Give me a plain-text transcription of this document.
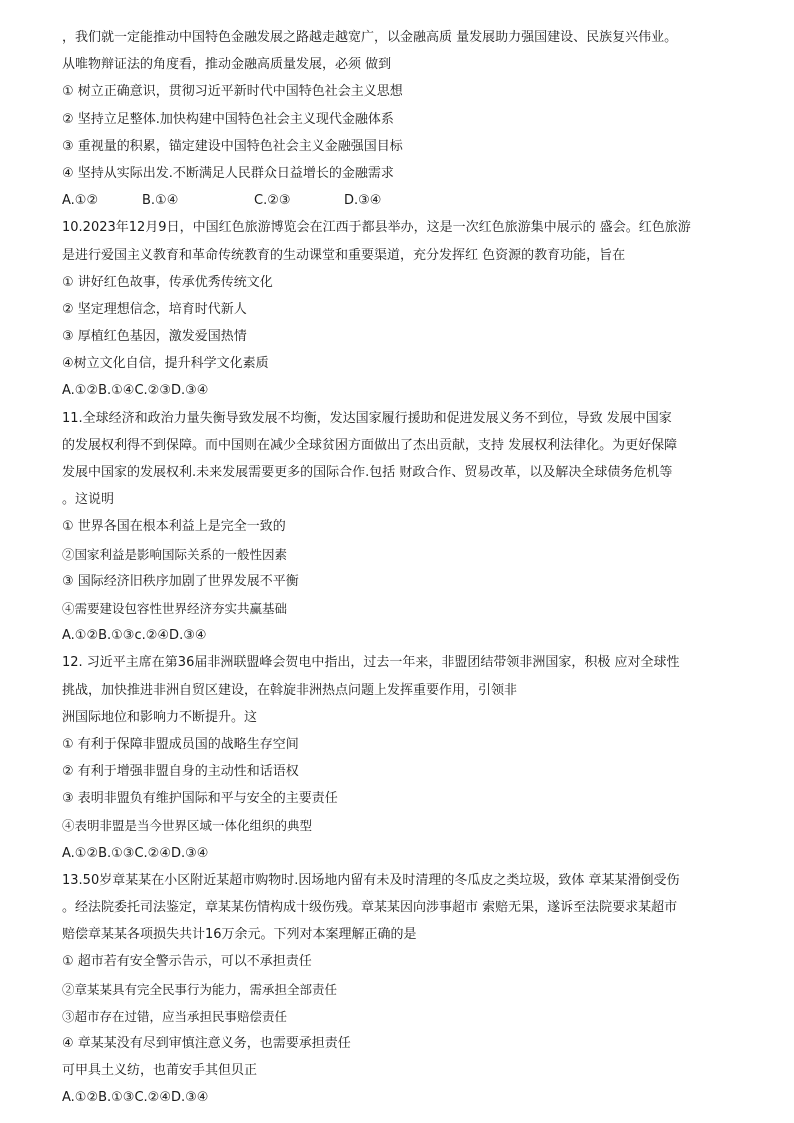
，我们就一定能推动中国特色金融发展之路越走越宽广，以金融高质 量发展助力强国建设、民族复兴伟业。
从唯物辩证法的角度看，推动金融高质量发展，必须 做到
① 树立正确意识，贯彻习近平新时代中国特色社会主义思想
② 坚持立足整体.加快构建中国特色社会主义现代金融体系
③ 重视量的积累，锚定建设中国特色社会主义金融强国目标
④ 坚持从实际出发.不断满足人民群众日益增长的金融需求
A.①②	B.①④	C.②③	D.③④
10.2023年12月9日，中国红色旅游博览会在江西于都县举办，这是一次红色旅游集中展示的 盛会。红色旅游
是进行爱国主义教育和革命传统教育的生动课堂和重要渠道，充分发挥红 色资源的教育功能，旨在
① 讲好红色故事，传承优秀传统文化
② 坚定理想信念，培育时代新人
③ 厚植红色基因，激发爱国热情
④树立文化自信，提升科学文化素质
A.①②B.①④C.②③D.③④
11.全球经济和政治力量失衡导致发展不均衡，发达国家履行援助和促进发展义务不到位，导致 发展中国家
的发展权利得不到保障。而中国则在减少全球贫困方面做出了杰出贡献，支持 发展权利法律化。为更好保障
发展中国家的发展权利.未来发展需要更多的国际合作.包括 财政合作、贸易改革，以及解决全球债务危机等
。这说明
① 世界各国在根本利益上是完全一致的
②国家利益是影响国际关系的一般性因素
③ 国际经济旧秩序加剧了世界发展不平衡
④需要建设包容性世界经济夯实共赢基础
A.①②B.①③c.②④D.③④
12. 习近平主席在第36届非洲联盟峰会贺电中指出，过去一年来，非盟团结带领非洲国家，积极 应对全球性
挑战，加快推进非洲自贸区建设，在斡旋非洲热点问题上发挥重要作用，引领非
洲国际地位和影响力不断提升。这
① 有利于保障非盟成员国的战略生存空间
② 有利于增强非盟自身的主动性和话语权
③ 表明非盟负有维护国际和平与安全的主要责任
④表明非盟是当今世界区域一体化组织的典型
A.①②B.①③C.②④D.③④
13.50岁章某某在小区附近某超市购物时.因场地内留有未及时清理的冬瓜皮之类垃圾，致体 章某某滑倒受伤
。经法院委托司法鉴定，章某某伤情构成十级伤残。章某某因向涉事超市 索赔无果，遂诉至法院要求某超市
赔偿章某某各项损失共计16万余元。下列对本案理解正确的是
① 超市若有安全警示告示，可以不承担责任
②章某某具有完全民事行为能力，需承担全部责任
③超市存在过错，应当承担民事赔偿责任
④ 章某某没有尽到审慎注意义务，也需要承担责任
可甲具土义纺，也莆安手其但贝正
A.①②B.①③C.②④D.③④
